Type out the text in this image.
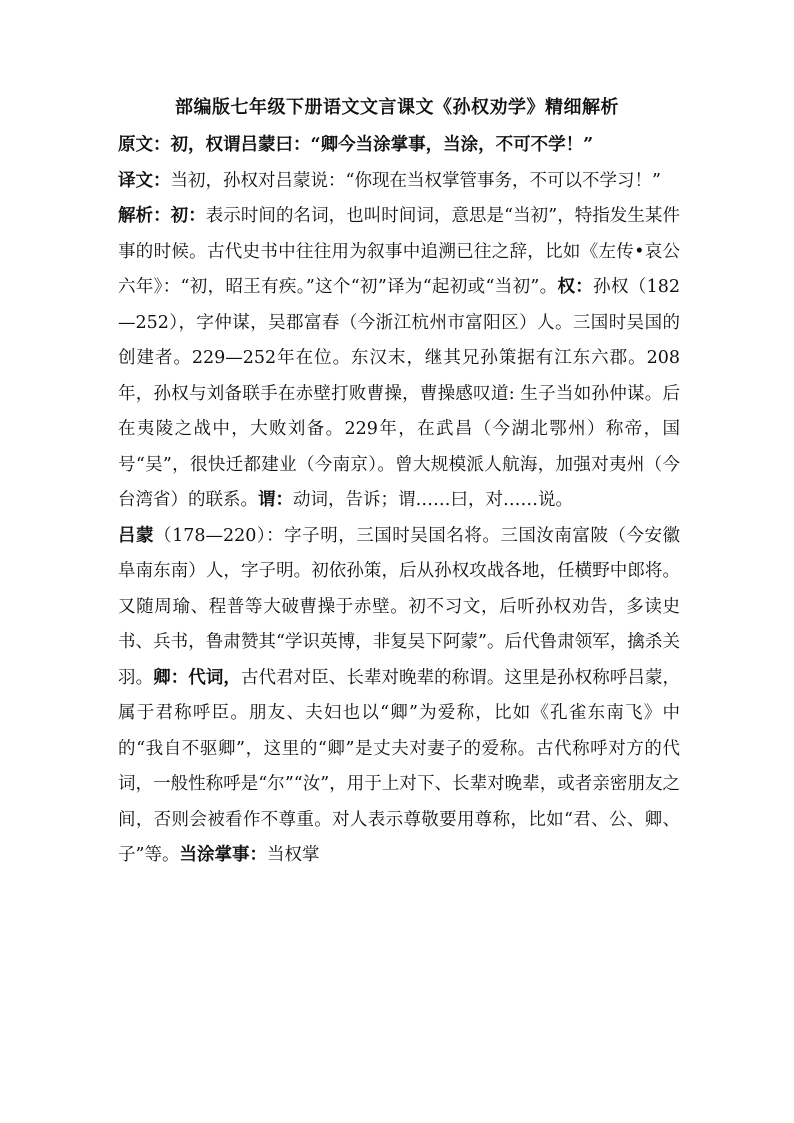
部编版七年级下册语文文言课文《孙权劝学》精细解析

原文：初，权谓吕蒙曰：“卿今当涂掌事，当涂，不可不学！”

译文：当初，孙权对吕蒙说：“你现在当权掌管事务，不可以不学习！”

解析：初：表示时间的名词，也叫时间词，意思是“当初”，特指发生某件事的时候。古代史书中往往用为叙事中追溯已往之辞，比如《左传•哀公六年》：“初，昭王有疾。”这个“初”译为“起初或“当初”。权：孙权（182—252），字仲谋，吴郡富春（今浙江杭州市富阳区）人。三国时吴国的创建者。229—252年在位。东汉末，继其兄孙策据有江东六郡。208年，孙权与刘备联手在赤壁打败曹操，曹操感叹道: 生子当如孙仲谋。后在夷陵之战中，大败刘备。229年，在武昌（今湖北鄂州）称帝，国号“吴”，很快迁都建业（今南京）。曾大规模派人航海，加强对夷州（今台湾省）的联系。谓：动词，告诉；谓……曰，对……说。

吕蒙（178—220）：字子明，三国时吴国名将。三国汝南富陂（今安徽阜南东南）人，字子明。初依孙策，后从孙权攻战各地，任横野中郎将。又随周瑜、程普等大破曹操于赤壁。初不习文，后听孙权劝告，多读史书、兵书，鲁肃赞其“学识英博，非复吴下阿蒙”。后代鲁肃领军，擒杀关羽。卿：代词，古代君对臣、长辈对晚辈的称谓。这里是孙权称呼吕蒙，属于君称呼臣。朋友、夫妇也以“卿”为爱称，比如《孔雀东南飞》中的“我自不驱卿”，这里的“卿”是丈夫对妻子的爱称。古代称呼对方的代词，一般性称呼是“尔”“汝”，用于上对下、长辈对晚辈，或者亲密朋友之间，否则会被看作不尊重。对人表示尊敬要用尊称，比如“君、公、卿、子”等。当涂掌事：当权掌
